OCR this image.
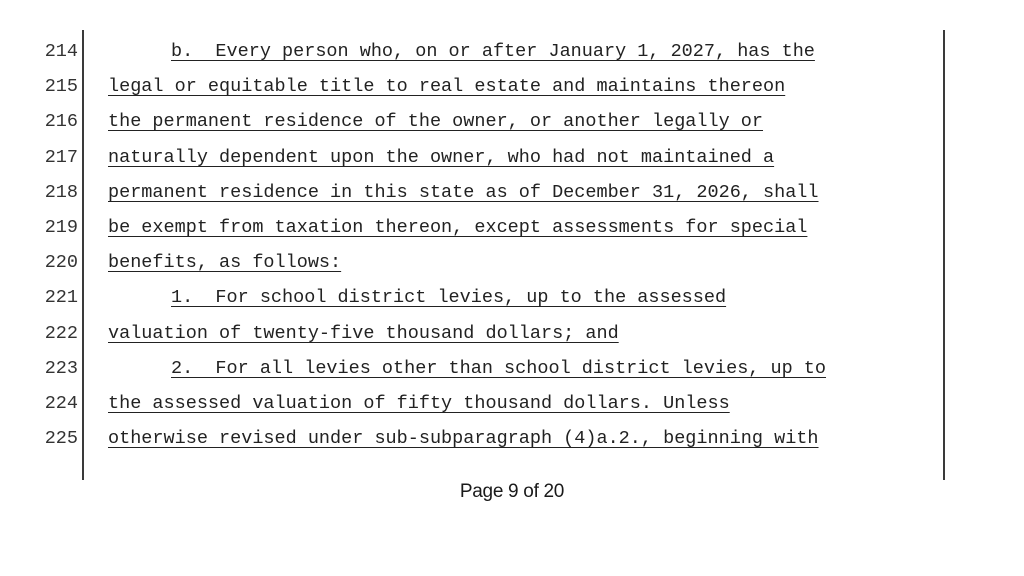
214
215
216
217
218
219
220
221
222
223
224
225
b.  Every person who, on or after January 1, 2027, has the
legal or equitable title to real estate and maintains thereon
the permanent residence of the owner, or another legally or
naturally dependent upon the owner, who had not maintained a
permanent residence in this state as of December 31, 2026, shall
be exempt from taxation thereon, except assessments for special
benefits, as follows:
1.  For school district levies, up to the assessed
valuation of twenty-five thousand dollars; and
2.  For all levies other than school district levies, up to
the assessed valuation of fifty thousand dollars. Unless
otherwise revised under sub-subparagraph (4)a.2., beginning with
Page 9 of 20
